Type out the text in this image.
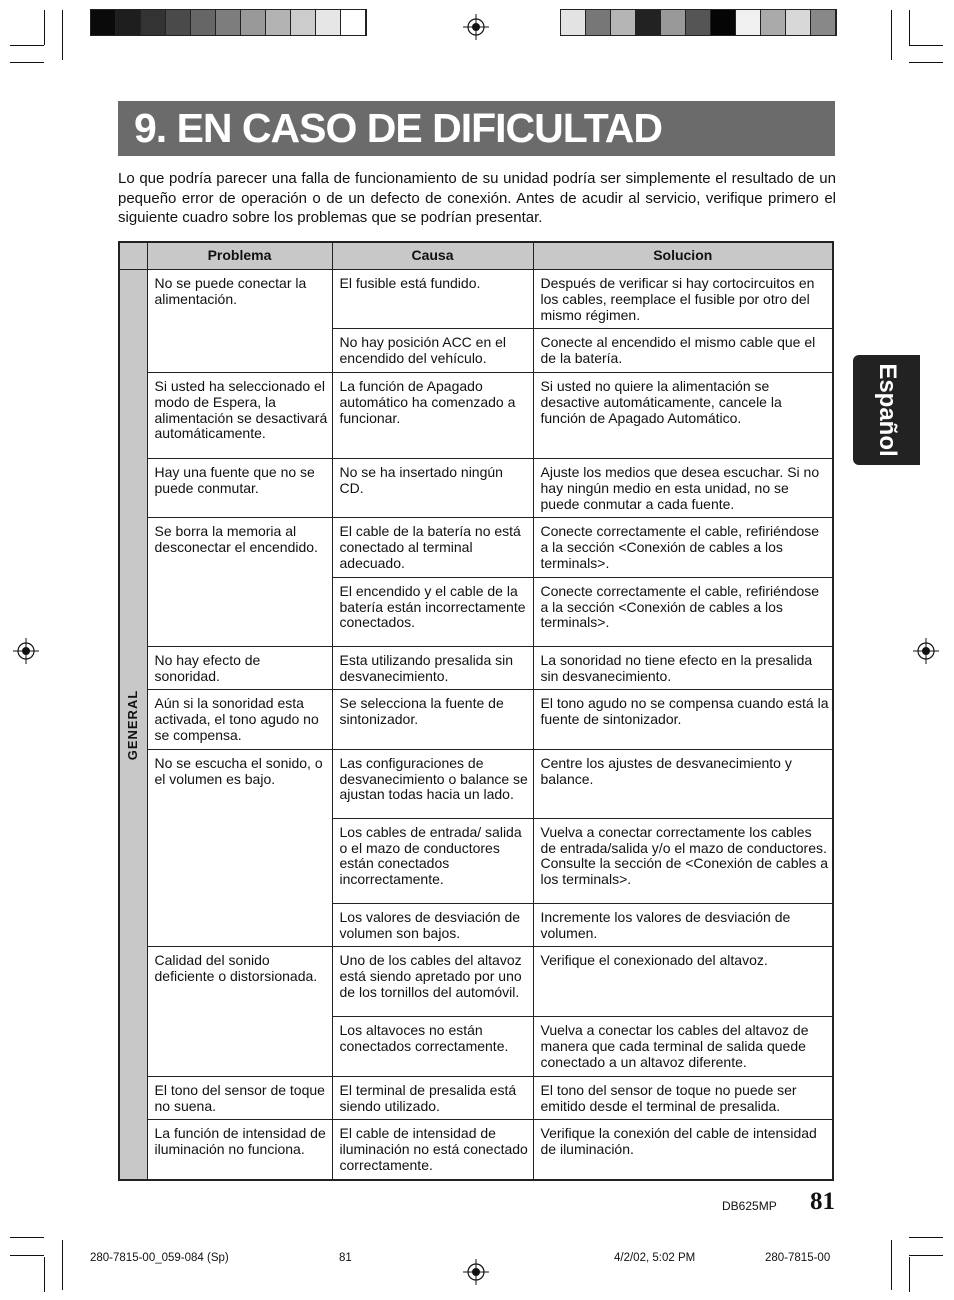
9. EN CASO DE DIFICULTAD

Lo que podría parecer una falla de funcionamiento de su unidad podría ser simplemente el resultado de un pequeño error de operación o de un defecto de conexión. Antes de acudir al servicio, verifique primero el siguiente cuadro sobre los problemas que se podrían presentar.

Español
	Problema	Causa	Solucion

GENERAL	No se puede conectar la alimentación.	El fusible está fundido.	Después de verificar si hay cortocircuitos en los cables, reemplace el fusible por otro del mismo régimen.
		No hay posición ACC en el encendido del vehículo.	Conecte al encendido el mismo cable que el de la batería.
	Si usted ha seleccionado el modo de Espera, la alimentación se desactivará automáticamente.	La función de Apagado automático ha comenzado a funcionar.	Si usted no quiere la alimentación se desactive automáticamente, cancele la función de Apagado Automático.
	Hay una fuente que no se puede conmutar.	No se ha insertado ningún CD.	Ajuste los medios que desea escuchar. Si no hay ningún medio en esta unidad, no se puede conmutar a cada fuente.
	Se borra la memoria al desconectar el encendido.	El cable de la batería no está conectado al terminal adecuado.	Conecte correctamente el cable, refiriéndose a la sección <Conexión de cables a los terminals>.
		El encendido y el cable de la batería están incorrectamente conectados.	Conecte correctamente el cable, refiriéndose a la sección <Conexión de cables a los terminals>.
	No hay efecto de sonoridad.	Esta utilizando presalida sin desvanecimiento.	La sonoridad no tiene efecto en la presalida sin desvanecimiento.
	Aún si la sonoridad esta activada, el tono agudo no se compensa.	Se selecciona la fuente de sintonizador.	El tono agudo no se compensa cuando está la fuente de sintonizador.
	No se escucha el sonido, o el volumen es bajo.	Las configuraciones de desvanecimiento o balance se ajustan todas hacia un lado.	Centre los ajustes de desvanecimiento y balance.
		Los cables de entrada/ salida o el mazo de conductores están conectados incorrectamente.	Vuelva a conectar correctamente los cables de entrada/salida y/o el mazo de conductores. Consulte la sección de <Conexión de cables a los terminals>.
		Los valores de desviación de volumen son bajos.	Incremente los valores de desviación de volumen.
	Calidad del sonido deficiente o distorsionada.	Uno de los cables del altavoz está siendo apretado por uno de los tornillos del automóvil.	Verifique el conexionado del altavoz.
		Los altavoces no están conectados correctamente.	Vuelva a conectar los cables del altavoz de manera que cada terminal de salida quede conectado a un altavoz diferente.
	El tono del sensor de toque no suena.	El terminal de presalida está siendo utilizado.	El tono del sensor de toque no puede ser emitido desde el terminal de presalida.
	La función de intensidad de iluminación no funciona.	El cable de intensidad de iluminación no está conectado correctamente.	Verifique la conexión del cable de intensidad de iluminación.
DB625MP 81
280-7815-00_059-084 (Sp)	81	4/2/02, 5:02 PM	280-7815-00
